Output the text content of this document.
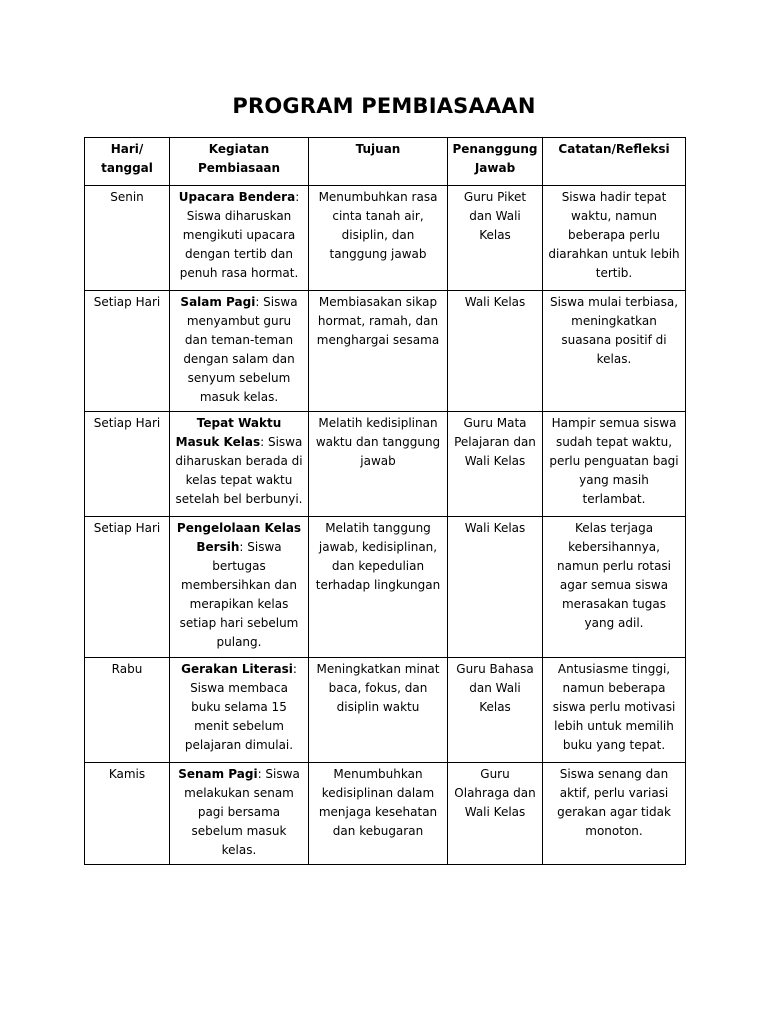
PROGRAM PEMBIASAAAN
Hari/ tanggal	Kegiatan Pembiasaan	Tujuan	Penanggung Jawab	Catatan/Refleksi
Senin	Upacara Bendera: Siswa diharuskan mengikuti upacara dengan tertib dan penuh rasa hormat.	Menumbuhkan rasa cinta tanah air, disiplin, dan tanggung jawab	Guru Piket dan Wali Kelas	Siswa hadir tepat waktu, namun beberapa perlu diarahkan untuk lebih tertib.
Setiap Hari	Salam Pagi: Siswa menyambut guru dan teman-teman dengan salam dan senyum sebelum masuk kelas.	Membiasakan sikap hormat, ramah, dan menghargai sesama	Wali Kelas	Siswa mulai terbiasa, meningkatkan suasana positif di kelas.
Setiap Hari	Tepat Waktu Masuk Kelas: Siswa diharuskan berada di kelas tepat waktu setelah bel berbunyi.	Melatih kedisiplinan waktu dan tanggung jawab	Guru Mata Pelajaran dan Wali Kelas	Hampir semua siswa sudah tepat waktu, perlu penguatan bagi yang masih terlambat.
Setiap Hari	Pengelolaan Kelas Bersih: Siswa bertugas membersihkan dan merapikan kelas setiap hari sebelum pulang.	Melatih tanggung jawab, kedisiplinan, dan kepedulian terhadap lingkungan	Wali Kelas	Kelas terjaga kebersihannya, namun perlu rotasi agar semua siswa merasakan tugas yang adil.
Rabu	Gerakan Literasi: Siswa membaca buku selama 15 menit sebelum pelajaran dimulai.	Meningkatkan minat baca, fokus, dan disiplin waktu	Guru Bahasa dan Wali Kelas	Antusiasme tinggi, namun beberapa siswa perlu motivasi lebih untuk memilih buku yang tepat.
Kamis	Senam Pagi: Siswa melakukan senam pagi bersama sebelum masuk kelas.	Menumbuhkan kedisiplinan dalam menjaga kesehatan dan kebugaran	Guru Olahraga dan Wali Kelas	Siswa senang dan aktif, perlu variasi gerakan agar tidak monoton.
